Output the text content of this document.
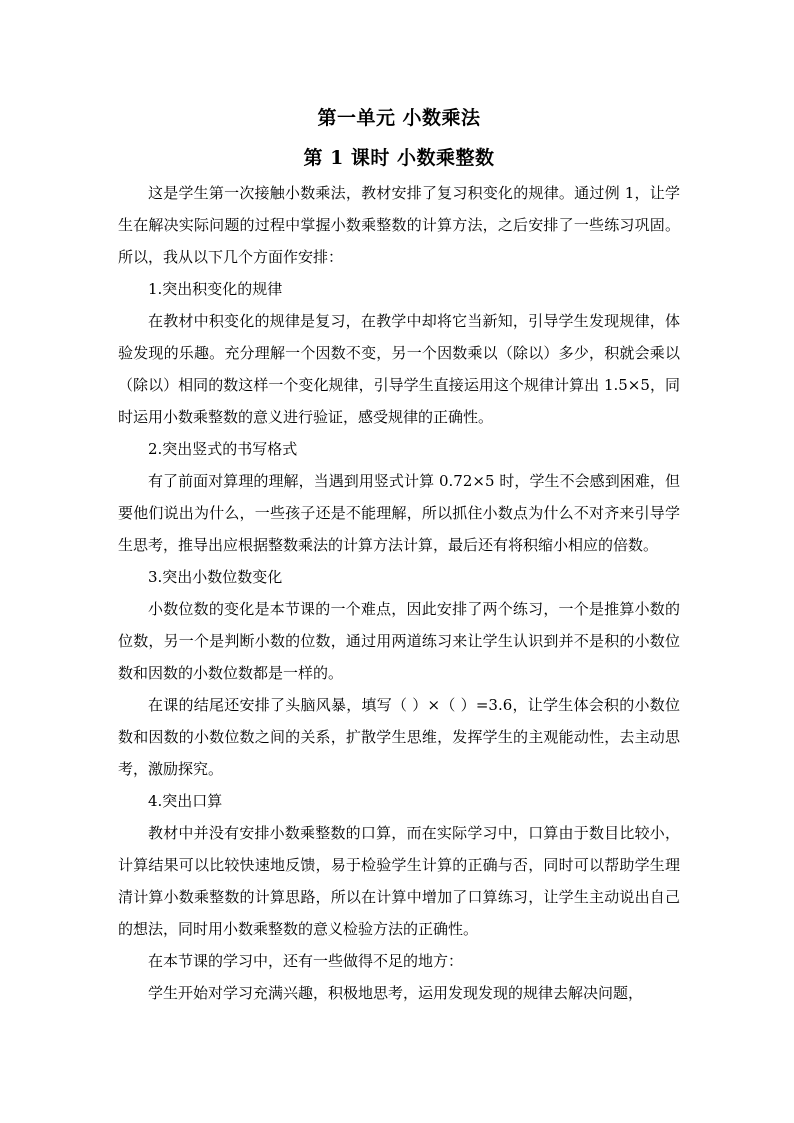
第一单元 小数乘法
第 1 课时 小数乘整数

这是学生第一次接触小数乘法，教材安排了复习积变化的规律。通过例 1，让学生在解决实际问题的过程中掌握小数乘整数的计算方法，之后安排了一些练习巩固。所以，我从以下几个方面作安排：

1.突出积变化的规律

在教材中积变化的规律是复习，在教学中却将它当新知，引导学生发现规律，体验发现的乐趣。充分理解一个因数不变，另一个因数乘以（除以）多少，积就会乘以（除以）相同的数这样一个变化规律，引导学生直接运用这个规律计算出 1.5×5，同时运用小数乘整数的意义进行验证，感受规律的正确性。

2.突出竖式的书写格式

有了前面对算理的理解，当遇到用竖式计算 0.72×5 时，学生不会感到困难，但要他们说出为什么，一些孩子还是不能理解，所以抓住小数点为什么不对齐来引导学生思考，推导出应根据整数乘法的计算方法计算，最后还有将积缩小相应的倍数。

3.突出小数位数变化

小数位数的变化是本节课的一个难点，因此安排了两个练习，一个是推算小数的位数，另一个是判断小数的位数，通过用两道练习来让学生认识到并不是积的小数位数和因数的小数位数都是一样的。

在课的结尾还安排了头脑风暴，填写（ ）×（ ）=3.6，让学生体会积的小数位数和因数的小数位数之间的关系，扩散学生思维，发挥学生的主观能动性，去主动思考，激励探究。

4.突出口算

教材中并没有安排小数乘整数的口算，而在实际学习中，口算由于数目比较小，计算结果可以比较快速地反馈，易于检验学生计算的正确与否，同时可以帮助学生理清计算小数乘整数的计算思路，所以在计算中增加了口算练习，让学生主动说出自己的想法，同时用小数乘整数的意义检验方法的正确性。

在本节课的学习中，还有一些做得不足的地方：

学生开始对学习充满兴趣，积极地思考，运用发现发现的规律去解决问题，
